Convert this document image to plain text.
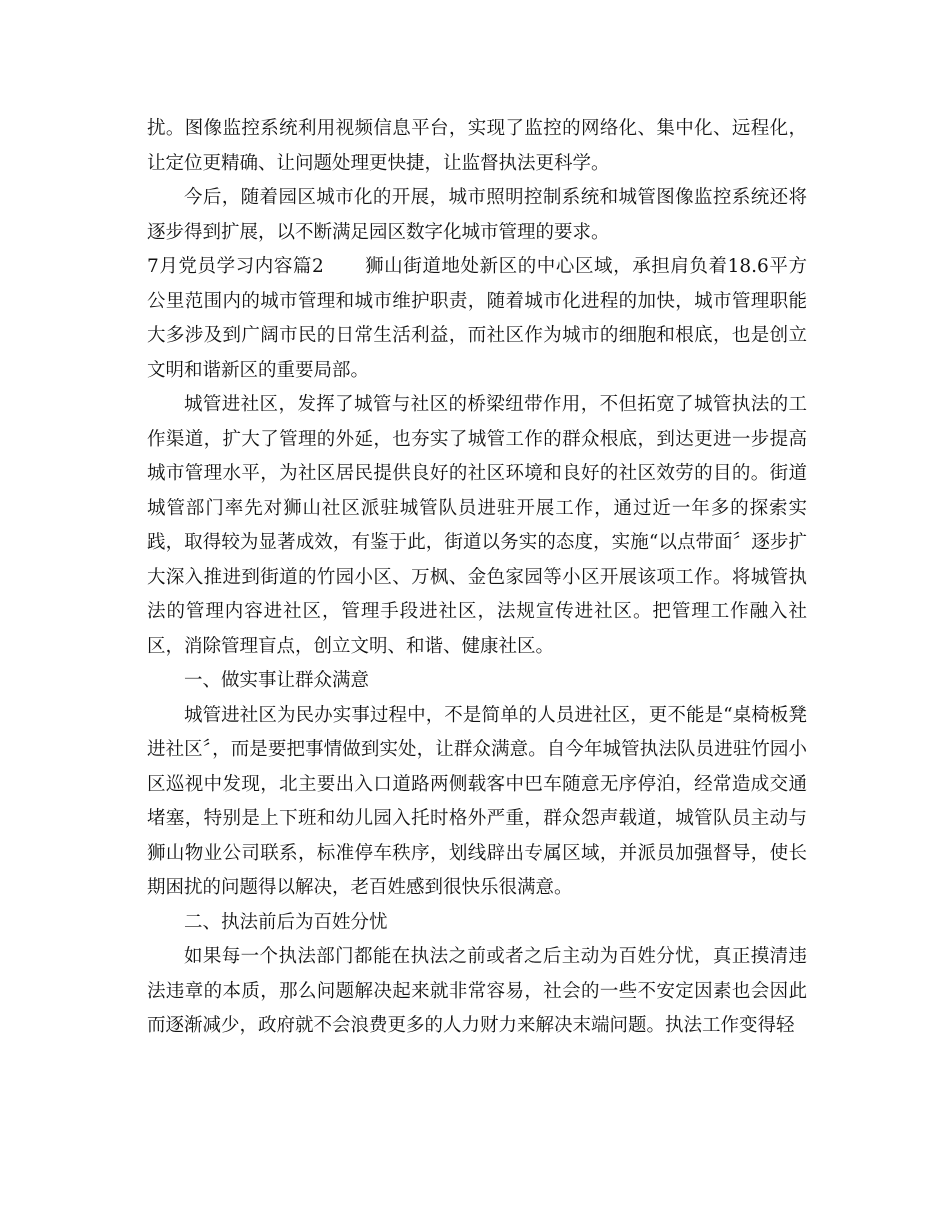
扰。图像监控系统利用视频信息平台，实现了监控的网络化、集中化、远程化，让定位更精确、让问题处理更快捷，让监督执法更科学。

今后，随着园区城市化的开展，城市照明控制系统和城管图像监控系统还将逐步得到扩展，以不断满足园区数字化城市管理的要求。

7月党员学习内容篇2 狮山街道地处新区的中心区域，承担肩负着18.6平方公里范围内的城市管理和城市维护职责，随着城市化进程的加快，城市管理职能大多涉及到广阔市民的日常生活利益，而社区作为城市的细胞和根底，也是创立文明和谐新区的重要局部。

城管进社区，发挥了城管与社区的桥梁纽带作用，不但拓宽了城管执法的工作渠道，扩大了管理的外延，也夯实了城管工作的群众根底，到达更进一步提高城市管理水平，为社区居民提供良好的社区环境和良好的社区效劳的目的。街道城管部门率先对狮山社区派驻城管队员进驻开展工作，通过近一年多的探索实践，取得较为显著成效，有鉴于此，街道以务实的态度，实施“以点带面〞逐步扩大深入推进到街道的竹园小区、万枫、金色家园等小区开展该项工作。将城管执法的管理内容进社区，管理手段进社区，法规宣传进社区。把管理工作融入社区，消除管理盲点，创立文明、和谐、健康社区。

一、做实事让群众满意

城管进社区为民办实事过程中，不是简单的人员进社区，更不能是“桌椅板凳进社区〞，而是要把事情做到实处，让群众满意。自今年城管执法队员进驻竹园小区巡视中发现，北主要出入口道路两侧载客中巴车随意无序停泊，经常造成交通堵塞，特别是上下班和幼儿园入托时格外严重，群众怨声载道，城管队员主动与狮山物业公司联系，标准停车秩序，划线辟出专属区域，并派员加强督导，使长期困扰的问题得以解决，老百姓感到很快乐很满意。

二、执法前后为百姓分忧

如果每一个执法部门都能在执法之前或者之后主动为百姓分忧，真正摸清违法违章的本质，那么问题解决起来就非常容易，社会的一些不安定因素也会因此而逐渐减少，政府就不会浪费更多的人力财力来解决末端问题。执法工作变得轻
